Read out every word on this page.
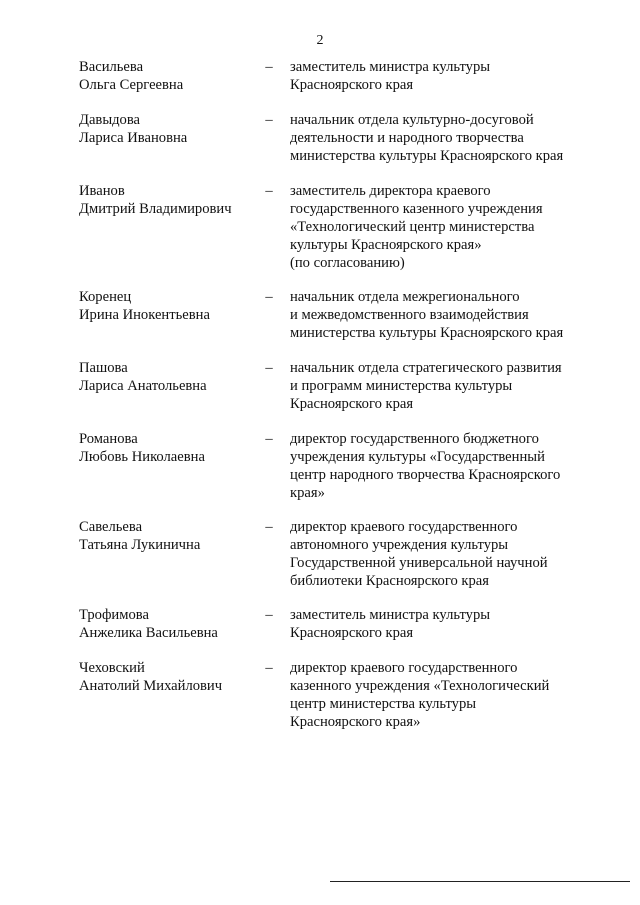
2
Васильева
Ольга Сергеевна
– заместитель министра культуры
Красноярского края
Давыдова
Лариса Ивановна
– начальник отдела культурно-досуговой
деятельности и народного творчества
министерства культуры Красноярского края
Иванов
Дмитрий Владимирович
– заместитель директора краевого
государственного казенного учреждения
«Технологический центр министерства
культуры Красноярского края»
(по согласованию)
Коренец
Ирина Инокентьевна
– начальник отдела межрегионального
и межведомственного взаимодействия
министерства культуры Красноярского края
Пашова
Лариса Анатольевна
– начальник отдела стратегического развития
и программ министерства культуры
Красноярского края
Романова
Любовь Николаевна
– директор государственного бюджетного
учреждения культуры «Государственный
центр народного творчества Красноярского
края»
Савельева
Татьяна Лукинична
– директор краевого государственного
автономного учреждения культуры
Государственной универсальной научной
библиотеки Красноярского края
Трофимова
Анжелика Васильевна
– заместитель министра культуры
Красноярского края
Чеховский
Анатолий Михайлович
– директор краевого государственного
казенного учреждения «Технологический
центр министерства культуры
Красноярского края»
